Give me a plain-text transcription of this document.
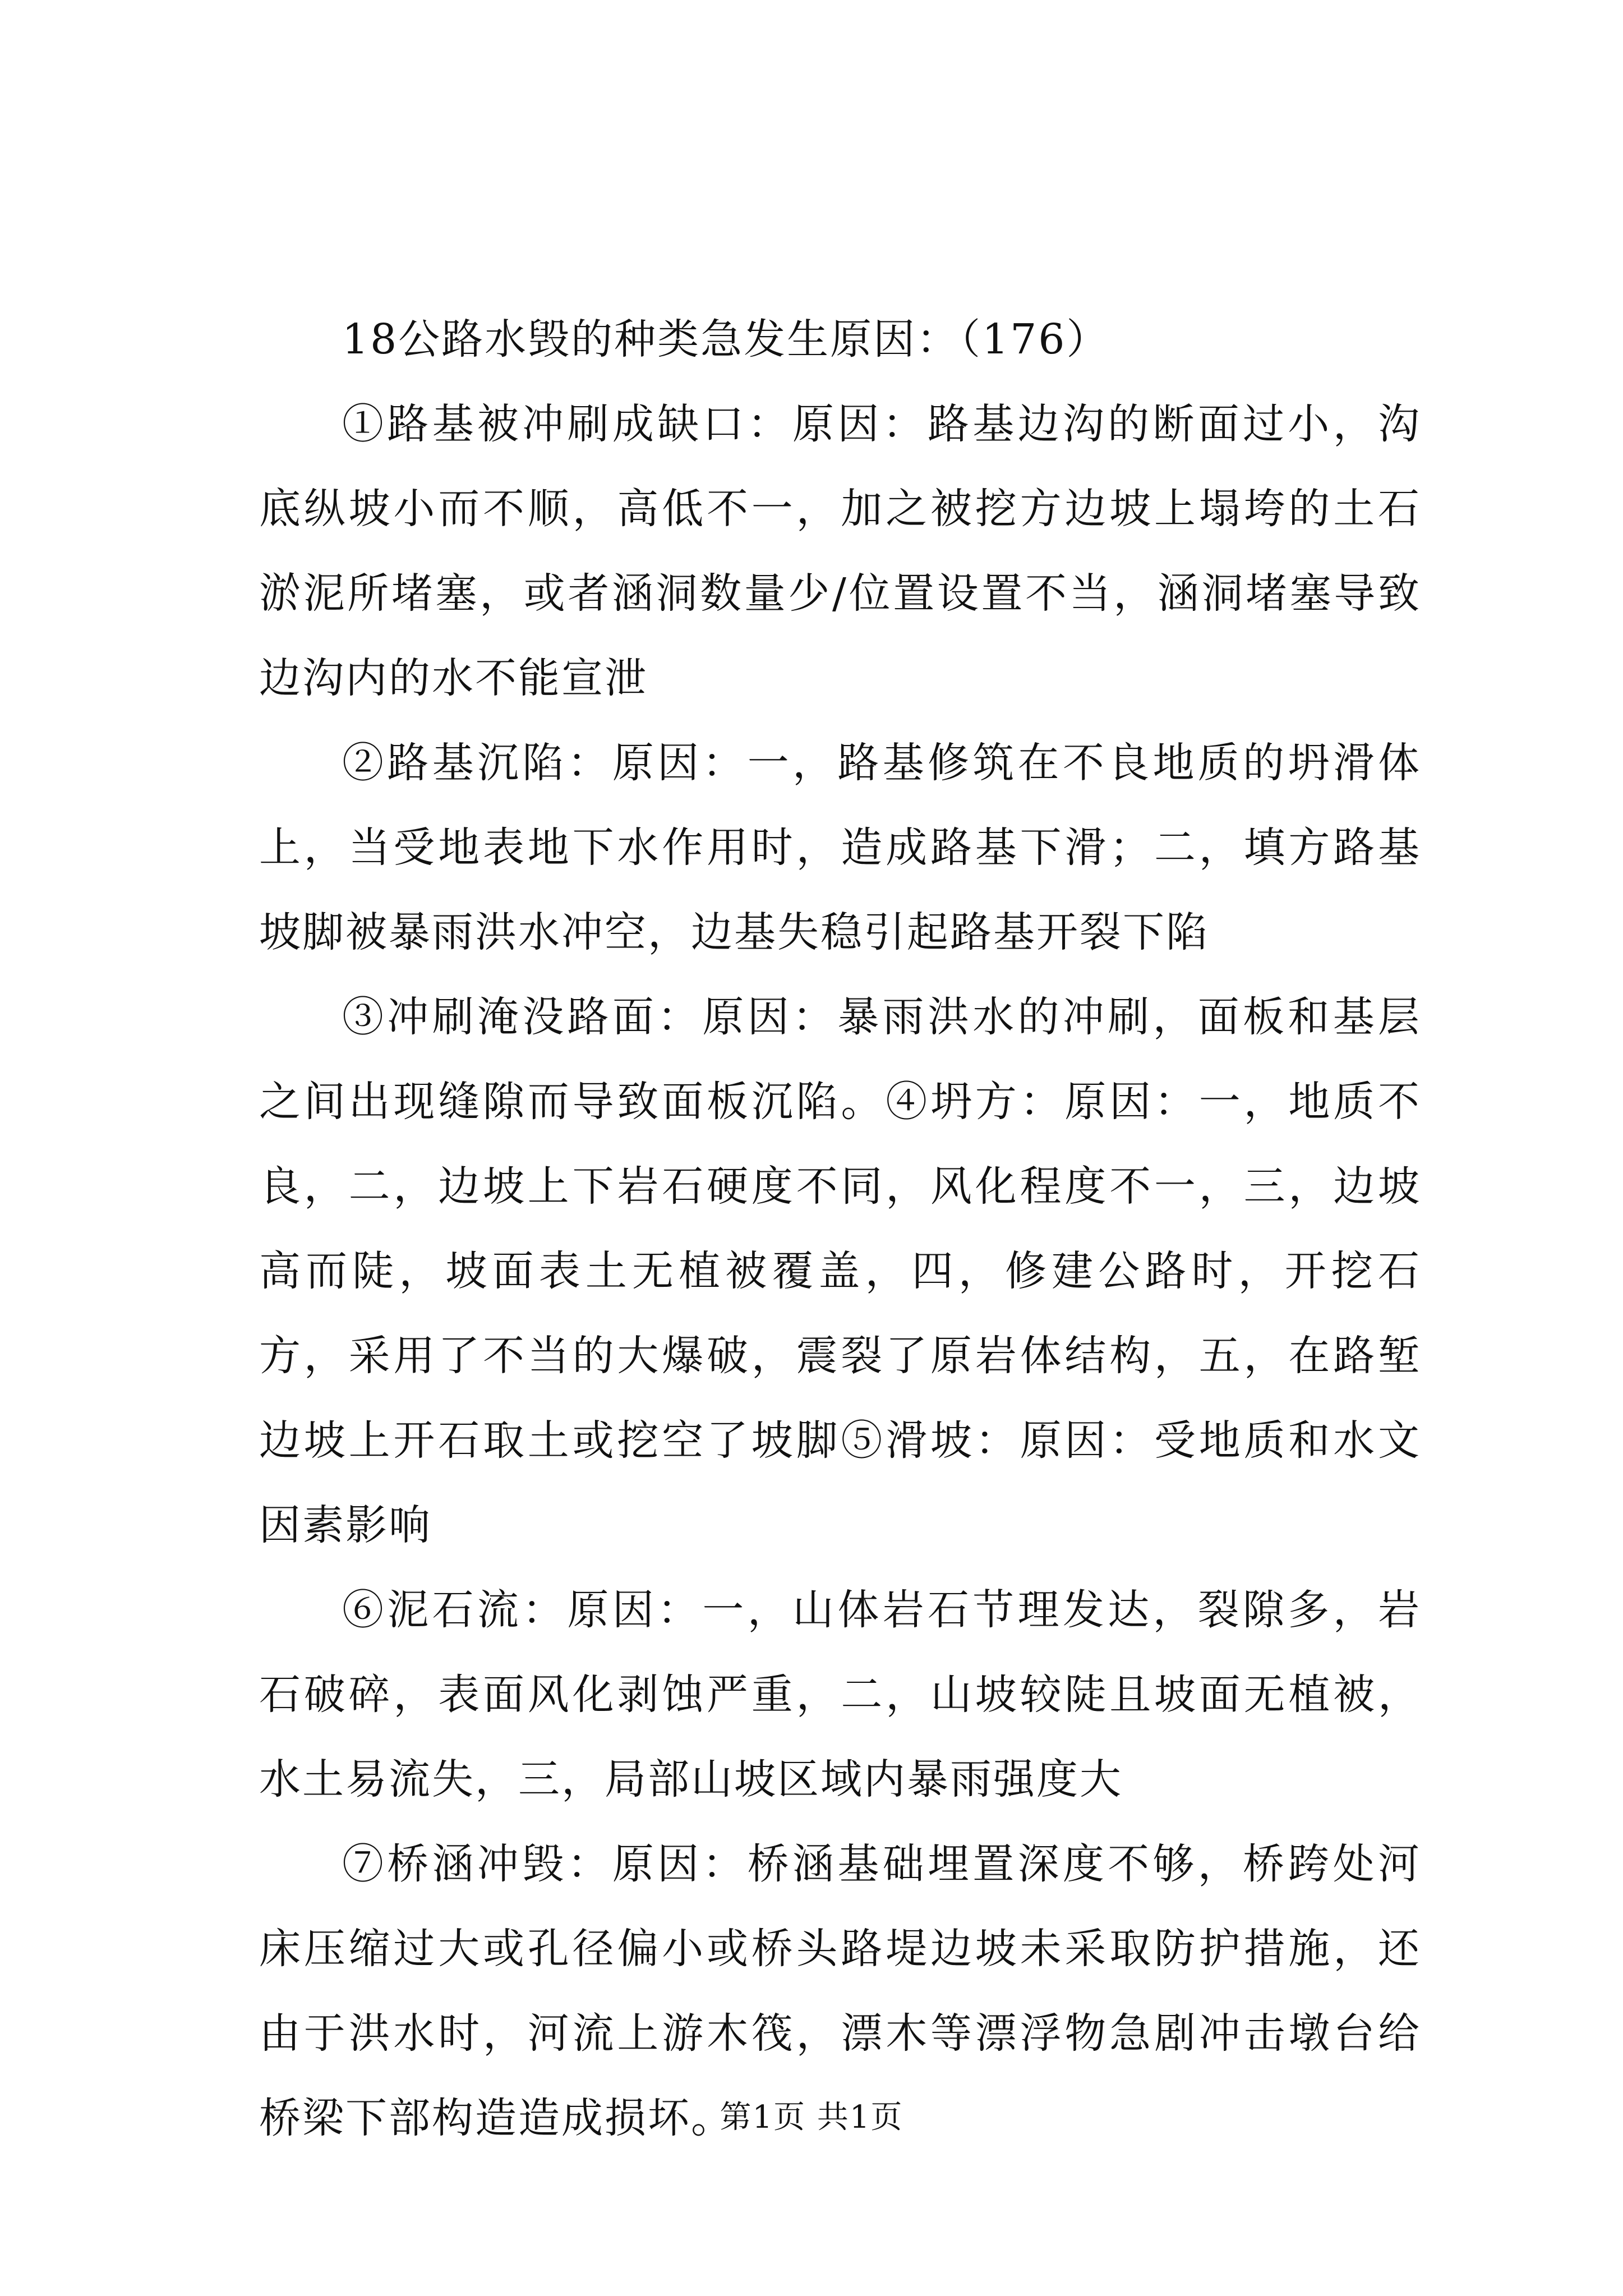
18公路水毁的种类急发生原因：（176）

①路基被冲刷成缺口：原因：路基边沟的断面过小，沟底纵坡小而不顺，高低不一，加之被挖方边坡上塌垮的土石淤泥所堵塞，或者涵洞数量少/位置设置不当，涵洞堵塞导致边沟内的水不能宣泄

②路基沉陷：原因：一，路基修筑在不良地质的坍滑体上，当受地表地下水作用时，造成路基下滑；二，填方路基坡脚被暴雨洪水冲空，边基失稳引起路基开裂下陷

③冲刷淹没路面：原因：暴雨洪水的冲刷，面板和基层之间出现缝隙而导致面板沉陷。④坍方：原因：一，地质不良，二，边坡上下岩石硬度不同，风化程度不一，三，边坡高而陡，坡面表土无植被覆盖，四，修建公路时，开挖石方，采用了不当的大爆破，震裂了原岩体结构，五，在路堑边坡上开石取土或挖空了坡脚⑤滑坡：原因：受地质和水文因素影响

⑥泥石流：原因：一，山体岩石节理发达，裂隙多，岩石破碎，表面风化剥蚀严重，二，山坡较陡且坡面无植被，水土易流失，三，局部山坡区域内暴雨强度大

⑦桥涵冲毁：原因：桥涵基础埋置深度不够，桥跨处河床压缩过大或孔径偏小或桥头路堤边坡未采取防护措施，还由于洪水时，河流上游木筏，漂木等漂浮物急剧冲击墩台给桥梁下部构造造成损坏。

第1页 共1页
